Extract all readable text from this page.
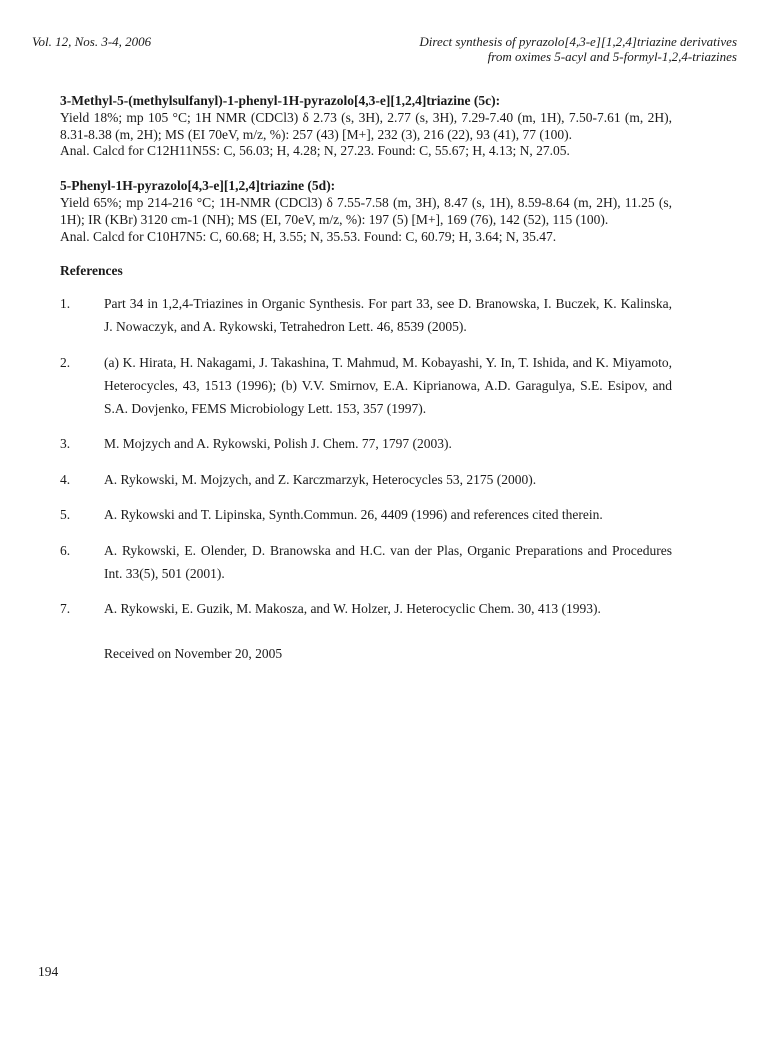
Vol. 12, Nos. 3-4, 2006	Direct synthesis of pyrazolo[4,3-e][1,2,4]triazine derivatives
from oximes 5-acyl and 5-formyl-1,2,4-triazines
3-Methyl-5-(methylsulfanyl)-1-phenyl-1H-pyrazolo[4,3-e][1,2,4]triazine (5c):
Yield 18%; mp 105 °C; 1H NMR (CDCl3) δ 2.73 (s, 3H), 2.77 (s, 3H), 7.29-7.40 (m, 1H), 7.50-7.61 (m, 2H), 8.31-8.38 (m, 2H); MS (EI 70eV, m/z, %): 257 (43) [M+], 232 (3), 216 (22), 93 (41), 77 (100).
Anal. Calcd for C12H11N5S: C, 56.03; H, 4.28; N, 27.23. Found: C, 55.67; H, 4.13; N, 27.05.
5-Phenyl-1H-pyrazolo[4,3-e][1,2,4]triazine (5d):
Yield 65%; mp 214-216 °C; 1H-NMR (CDCl3) δ 7.55-7.58 (m, 3H), 8.47 (s, 1H), 8.59-8.64 (m, 2H), 11.25 (s, 1H); IR (KBr) 3120 cm-1 (NH); MS (EI, 70eV, m/z, %): 197 (5) [M+], 169 (76), 142 (52), 115 (100).
Anal. Calcd for C10H7N5: C, 60.68; H, 3.55; N, 35.53. Found: C, 60.79; H, 3.64; N, 35.47.
References
1.	Part 34 in 1,2,4-Triazines in Organic Synthesis. For part 33, see D. Branowska, I. Buczek, K. Kalinska, J. Nowaczyk, and A. Rykowski, Tetrahedron Lett. 46, 8539 (2005).
2.	(a) K. Hirata, H. Nakagami, J. Takashina, T. Mahmud, M. Kobayashi, Y. In, T. Ishida, and K. Miyamoto, Heterocycles, 43, 1513 (1996); (b) V.V. Smirnov, E.A. Kiprianowa, A.D. Garagulya, S.E. Esipov, and S.A. Dovjenko, FEMS Microbiology Lett. 153, 357 (1997).
3.	M. Mojzych and A. Rykowski, Polish J. Chem. 77, 1797 (2003).
4.	A. Rykowski, M. Mojzych, and Z. Karczmarzyk, Heterocycles 53, 2175 (2000).
5.	A. Rykowski and T. Lipinska, Synth.Commun. 26, 4409 (1996) and references cited therein.
6.	A. Rykowski, E. Olender, D. Branowska and H.C. van der Plas, Organic Preparations and Procedures Int. 33(5), 501 (2001).
7.	A. Rykowski, E. Guzik, M. Makosza, and W. Holzer, J. Heterocyclic Chem. 30, 413 (1993).
Received on November 20, 2005
194
